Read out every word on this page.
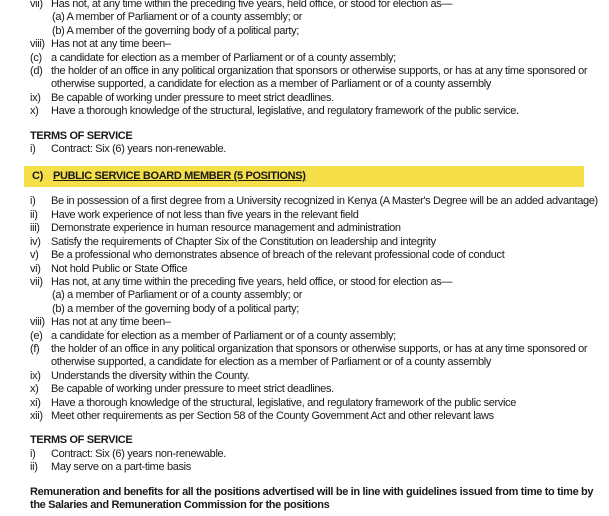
vii) Has not, at any time within the preceding five years, held office, or stood for election as—
(a) A member of Parliament or of a county assembly; or
(b) A member of the governing body of a political party;
viii) Has not at any time been–
(c) a candidate for election as a member of Parliament or of a county assembly;
(d) the holder of an office in any political organization that sponsors or otherwise supports, or has at any time sponsored or
otherwise supported, a candidate for election as a member of Parliament or of a county assembly
ix) Be capable of working under pressure to meet strict deadlines.
x)	Have a thorough knowledge of the structural, legislative, and regulatory framework of the public service.
TERMS OF SERVICE
i)	Contract: Six (6) years non-renewable.
C) PUBLIC SERVICE BOARD MEMBER (5 POSITIONS)
i)	Be in possession of a first degree from a University recognized in Kenya (A Master's Degree will be an added advantage)
ii)	Have work experience of not less than five years in the relevant field
iii)	Demonstrate experience in human resource management and administration
iv) Satisfy the requirements of Chapter Six of the Constitution on leadership and integrity
v)	Be a professional who demonstrates absence of breach of the relevant professional code of conduct
vi) Not hold Public or State Office
vii) Has not, at any time within the preceding five years, held office, or stood for election as—
(a) a member of Parliament or of a county assembly; or
(b) a member of the governing body of a political party;
viii) Has not at any time been–
(e) a candidate for election as a member of Parliament or of a county assembly;
(f)	the holder of an office in any political organization that sponsors or otherwise supports, or has at any time sponsored or
otherwise supported, a candidate for election as a member of Parliament or of a county assembly
ix) Understands the diversity within the County.
x)	Be capable of working under pressure to meet strict deadlines.
xi) Have a thorough knowledge of the structural, legislative, and regulatory framework of the public service
xii) Meet other requirements as per Section 58 of the County Government Act and other relevant laws
TERMS OF SERVICE
i)	Contract: Six (6) years non-renewable.
ii)	May serve on a part-time basis
Remuneration and benefits for all the positions advertised will be in line with guidelines issued from time to time by the Salaries and Remuneration Commission for the positions
